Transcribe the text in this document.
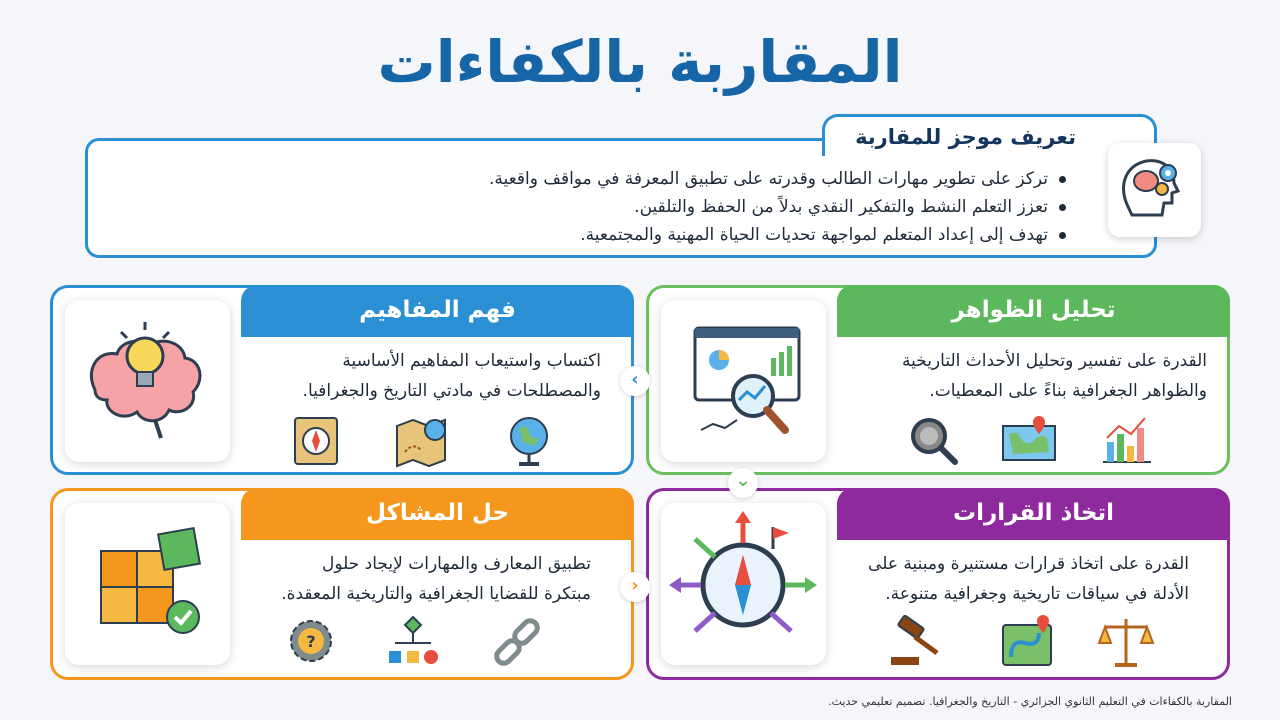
المقاربة بالكفاءات
تركز على تطوير مهارات الطالب وقدرته على تطبيق المعرفة في مواقف واقعية.
تعزز التعلم النشط والتفكير النقدي بدلاً من الحفظ والتلقين.
تهدف إلى إعداد المتعلم لمواجهة تحديات الحياة المهنية والمجتمعية.
تعريف موجز للمقاربة
تحليل الظواهر
القدرة على تفسير وتحليل الأحداث التاريخية
والظواهر الجغرافية بناءً على المعطيات.
فهم المفاهيم
اكتساب واستيعاب المفاهيم الأساسية
والمصطلحات في مادتي التاريخ والجغرافيا.
اتخاذ القرارات
القدرة على اتخاذ قرارات مستنيرة ومبنية على
الأدلة في سياقات تاريخية وجغرافية متنوعة.
حل المشاكل
تطبيق المعارف والمهارات لإيجاد حلول
مبتكرة للقضايا الجغرافية والتاريخية المعقدة.
?
›
⌄
‹
المقاربة بالكفاءات في التعليم الثانوي الجزائري - التاريخ والجغرافيا. تصميم تعليمي حديث.
